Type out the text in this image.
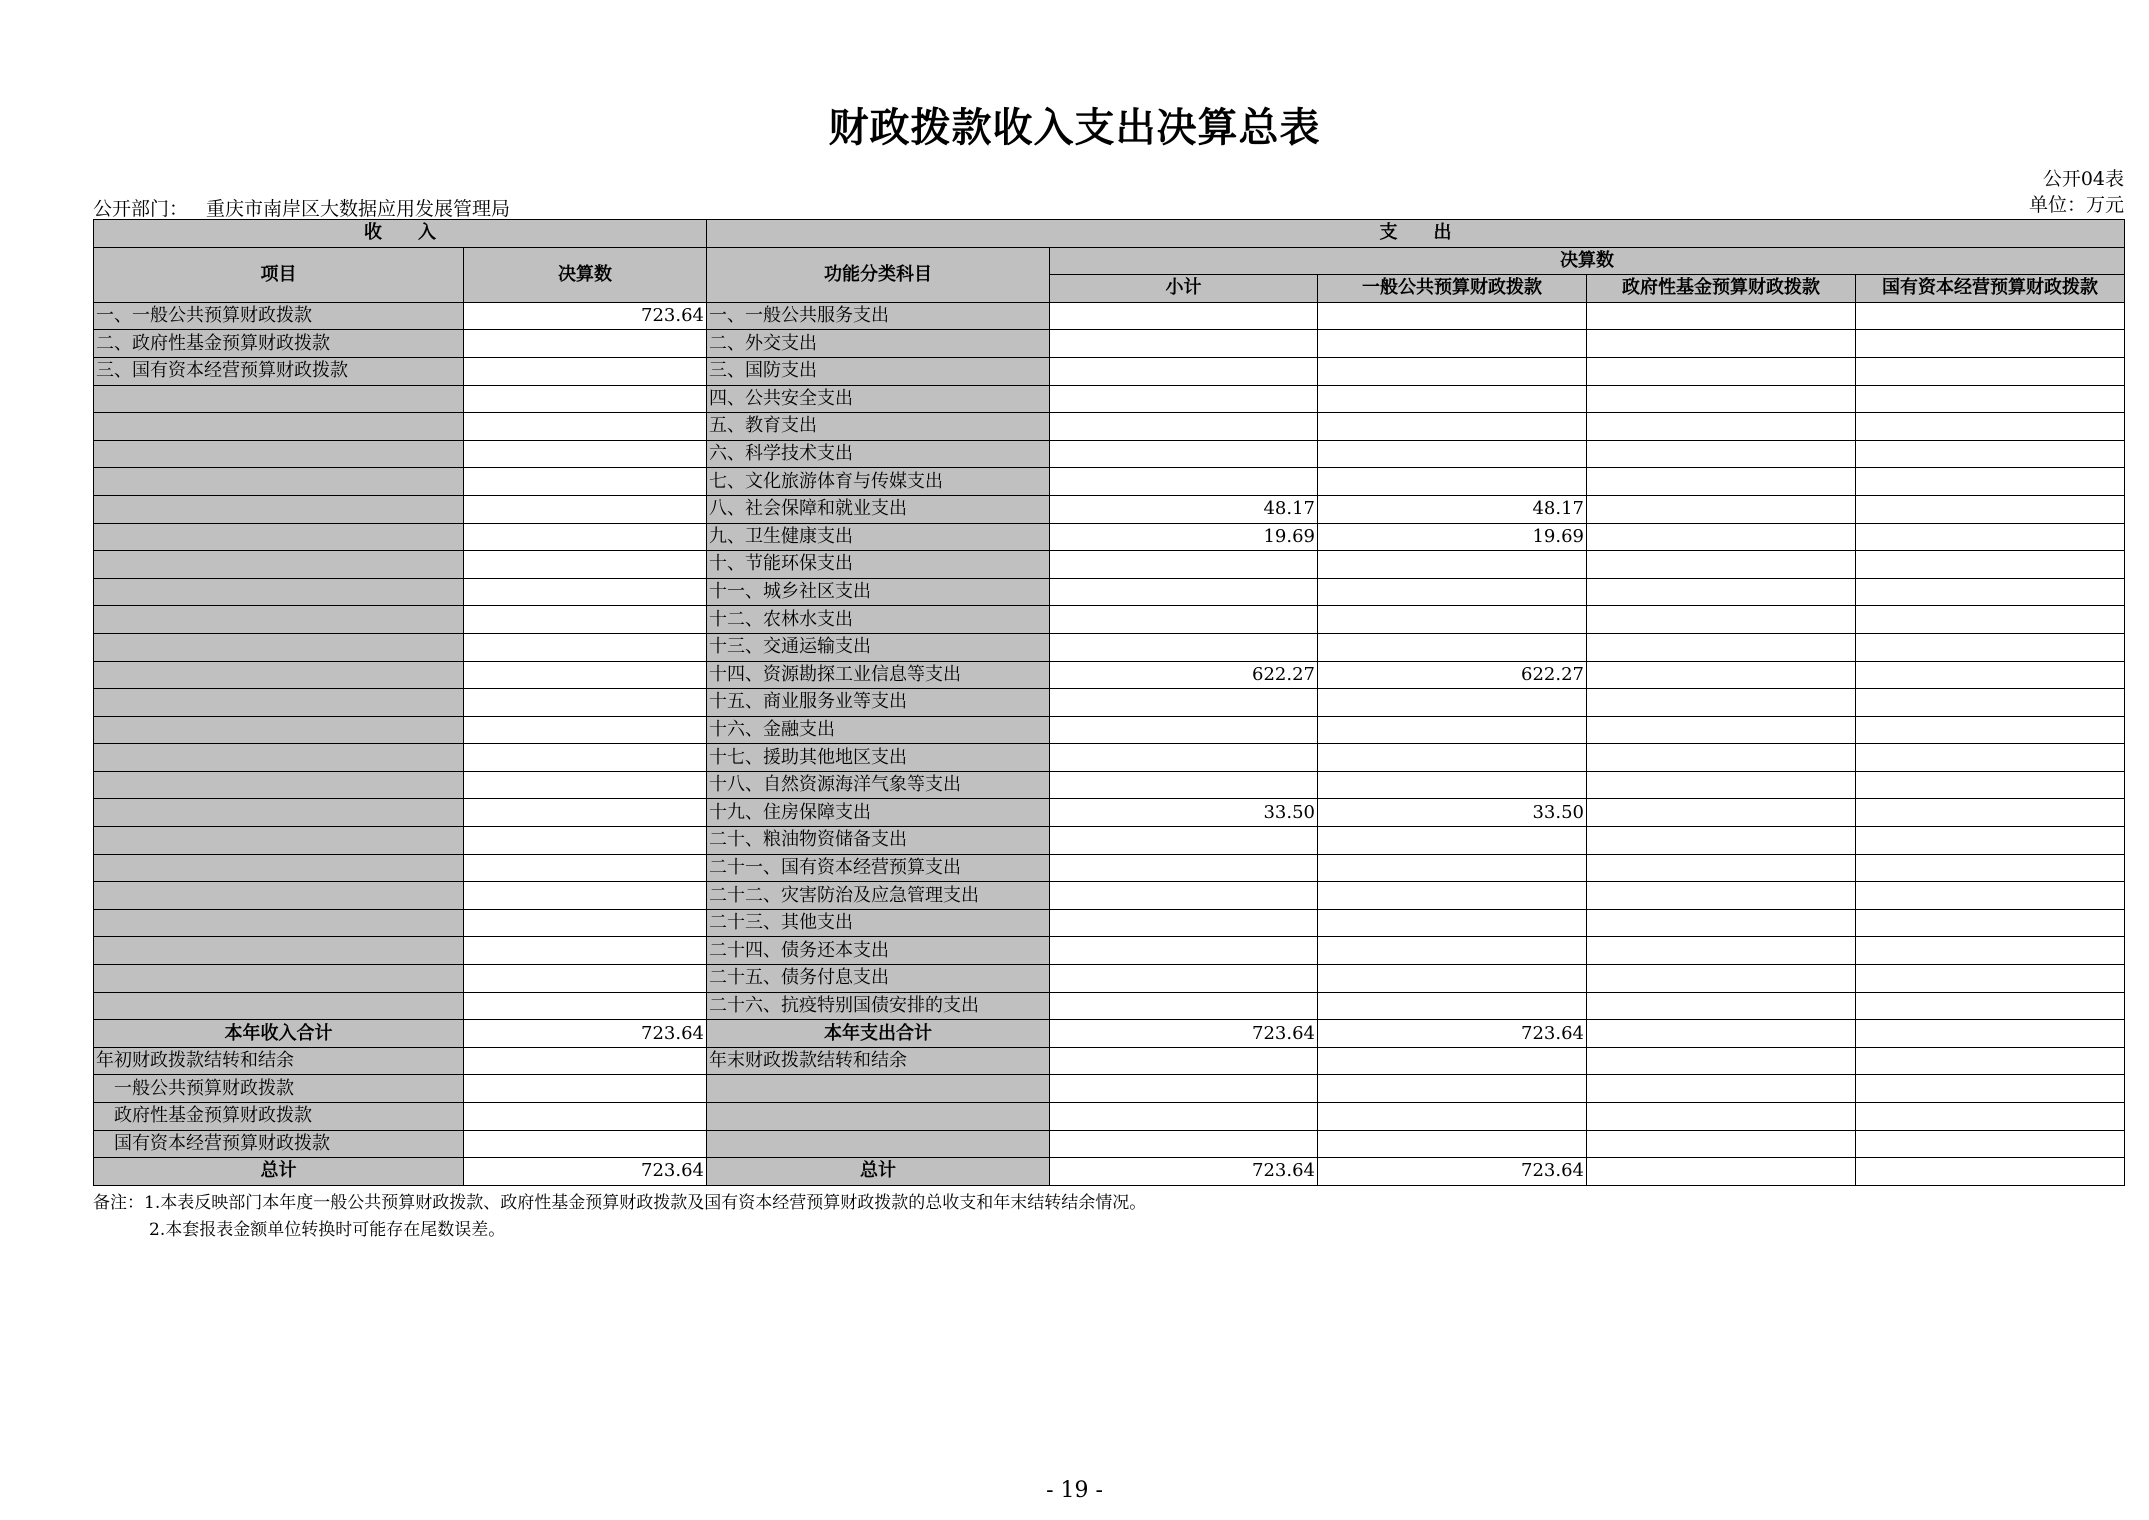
财政拨款收入支出决算总表
公开04表
公开部门： 重庆市南岸区大数据应用发展管理局	单位：万元
收　　入		支　　出				
项目	决算数	功能分类科目	决算数			
			小计	一般公共预算财政拨款	政府性基金预算财政拨款	国有资本经营预算财政拨款
一、一般公共预算财政拨款	723.64	一、一般公共服务支出				
二、政府性基金预算财政拨款		二、外交支出				
三、国有资本经营预算财政拨款		三、国防支出				
		四、公共安全支出				
		五、教育支出				
		六、科学技术支出				
		七、文化旅游体育与传媒支出				
		八、社会保障和就业支出	48.17	48.17		
		九、卫生健康支出	19.69	19.69		
		十、节能环保支出				
		十一、城乡社区支出				
		十二、农林水支出				
		十三、交通运输支出				
		十四、资源勘探工业信息等支出	622.27	622.27		
		十五、商业服务业等支出				
		十六、金融支出				
		十七、援助其他地区支出				
		十八、自然资源海洋气象等支出				
		十九、住房保障支出	33.50	33.50		
		二十、粮油物资储备支出				
		二十一、国有资本经营预算支出				
		二十二、灾害防治及应急管理支出				
		二十三、其他支出				
		二十四、债务还本支出				
		二十五、债务付息支出				
		二十六、抗疫特别国债安排的支出				
本年收入合计	723.64	本年支出合计	723.64	723.64		
年初财政拨款结转和结余		年末财政拨款结转和结余				
一般公共预算财政拨款						
政府性基金预算财政拨款						
国有资本经营预算财政拨款						
总计	723.64	总计	723.64	723.64		
备注：1.本表反映部门本年度一般公共预算财政拨款、政府性基金预算财政拨款及国有资本经营预算财政拨款的总收支和年末结转结余情况。
2.本套报表金额单位转换时可能存在尾数误差。
- 19 -
